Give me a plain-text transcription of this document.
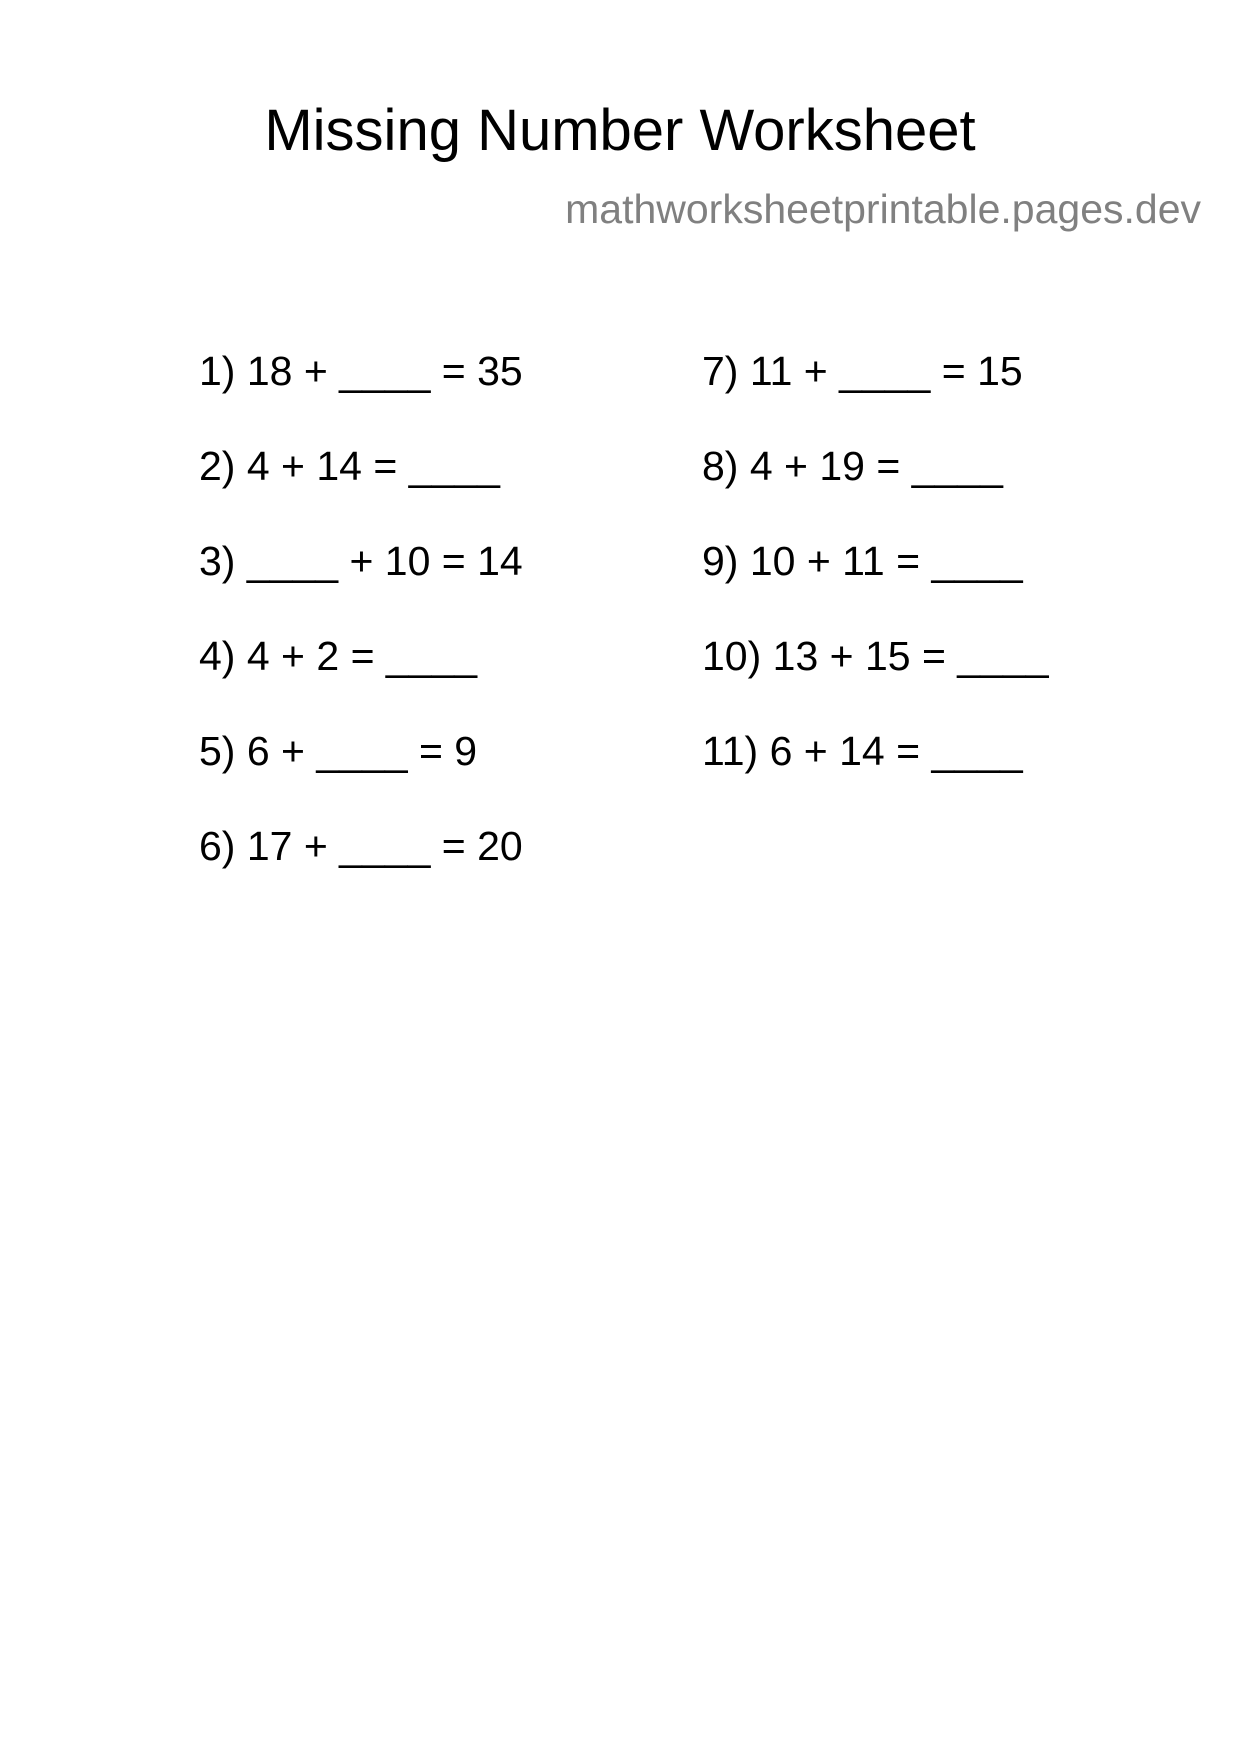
Missing Number Worksheet
mathworksheetprintable.pages.dev
1) 18 + ____ = 35
2) 4 + 14 = ____
3) ____ + 10 = 14
4) 4 + 2 = ____
5) 6 + ____ = 9
6) 17 + ____ = 20
7) 11 + ____ = 15
8) 4 + 19 = ____
9) 10 + 11 = ____
10) 13 + 15 = ____
11) 6 + 14 = ____
